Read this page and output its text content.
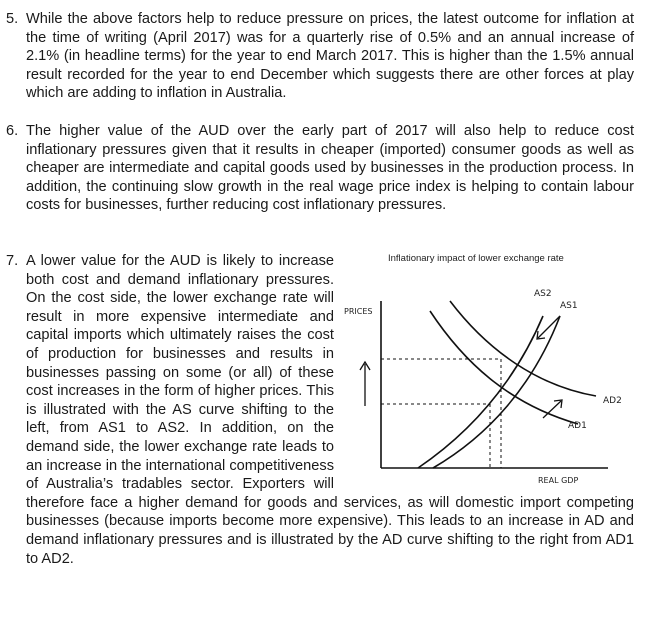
5. While the above factors help to reduce pressure on prices, the latest outcome for inflation at the time of writing (April 2017) was for a quarterly rise of 0.5% and an annual increase of 2.1% (in headline terms) for the year to end March 2017. This is higher than the 1.5% annual result recorded for the year to end December which suggests there are other forces at play which are adding to inflation in Australia.
6. The higher value of the AUD over the early part of 2017 will also help to reduce cost inflationary pressures given that it results in cheaper (imported) consumer goods as well as cheaper are intermediate and capital goods used by businesses in the production process. In addition, the continuing slow growth in the real wage price index is helping to contain labour costs for businesses, further reducing cost inflationary pressures.
7. A lower value for the AUD is likely to increase both cost and demand inflationary pressures. On the cost side, the lower exchange rate will result in more expensive intermediate and capital imports which ultimately raises the cost of production for businesses and results in businesses passing on some (or all) of these cost increases in the form of higher prices. This is illustrated with the AS curve shifting to the left, from AS1 to AS2. In addition, on the demand side, the lower exchange rate leads to an increase in the international competitiveness of Australia’s tradables sector. Exporters will therefore face a higher demand for goods and services, as will domestic import competing businesses (because imports become more expensive). This leads to an increase in AD and demand inflationary pressures and is illustrated by the AD curve shifting to the right from AD1 to AD2.
Inflationary impact of lower exchange rate
PRICES
REAL GDP
AS2
AS1
AD2
AD1
